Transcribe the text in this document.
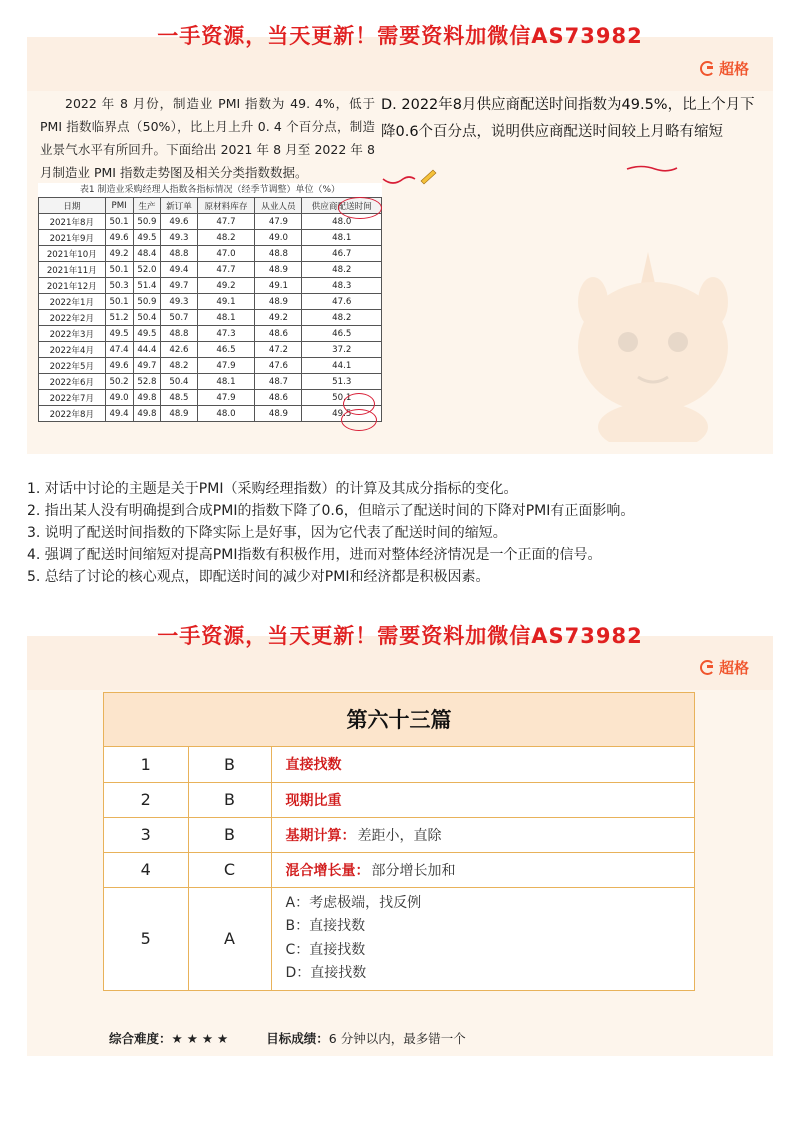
超格
2022 年 8 月份，制造业 PMI 指数为 49. 4%，低于 PMI 指数临界点（50%），比上月上升 0. 4 个百分点，制造业景气水平有所回升。下面给出 2021 年 8 月至 2022 年 8 月制造业 PMI 指数走势图及相关分类指数数据。
表1 制造业采购经理人指数各指标情况（经季节调整）单位（%）
日期	PMI	生产	新订单	原材料库存	从业人员	供应商配送时间
2021年8月	50.1	50.9	49.6	47.7	47.9	48.0
2021年9月	49.6	49.5	49.3	48.2	49.0	48.1
2021年10月	49.2	48.4	48.8	47.0	48.8	46.7
2021年11月	50.1	52.0	49.4	47.7	48.9	48.2
2021年12月	50.3	51.4	49.7	49.2	49.1	48.3
2022年1月	50.1	50.9	49.3	49.1	48.9	47.6
2022年2月	51.2	50.4	50.7	48.1	49.2	48.2
2022年3月	49.5	49.5	48.8	47.3	48.6	46.5
2022年4月	47.4	44.4	42.6	46.5	47.2	37.2
2022年5月	49.6	49.7	48.2	47.9	47.6	44.1
2022年6月	50.2	52.8	50.4	48.1	48.7	51.3
2022年7月	49.0	49.8	48.5	47.9	48.6	50.1
2022年8月	49.4	49.8	48.9	48.0	48.9	49.5
D. 2022年8月供应商配送时间指数为49.5%，比上个月下降0.6个百分点，说明供应商配送时间较上月略有缩短
一手资源，当天更新！需要资料加微信AS73982
1. 对话中讨论的主题是关于PMI（采购经理指数）的计算及其成分指标的变化。
2. 指出某人没有明确提到合成PMI的指数下降了0.6，但暗示了配送时间的下降对PMI有正面影响。
3. 说明了配送时间指数的下降实际上是好事，因为它代表了配送时间的缩短。
4. 强调了配送时间缩短对提高PMI指数有积极作用，进而对整体经济情况是一个正面的信号。
5. 总结了讨论的核心观点，即配送时间的减少对PMI和经济都是积极因素。
超格
第六十三篇
1	B	直接找数
2	B	现期比重
3	B	基期计算： 差距小，直除
4	C	混合增长量： 部分增长加和
5	A	A：考虑极端，找反例
B：直接找数
C：直接找数
D：直接找数
综合难度：★ ★ ★ ★	目标成绩：6 分钟以内，最多错一个
一手资源，当天更新！需要资料加微信AS73982
